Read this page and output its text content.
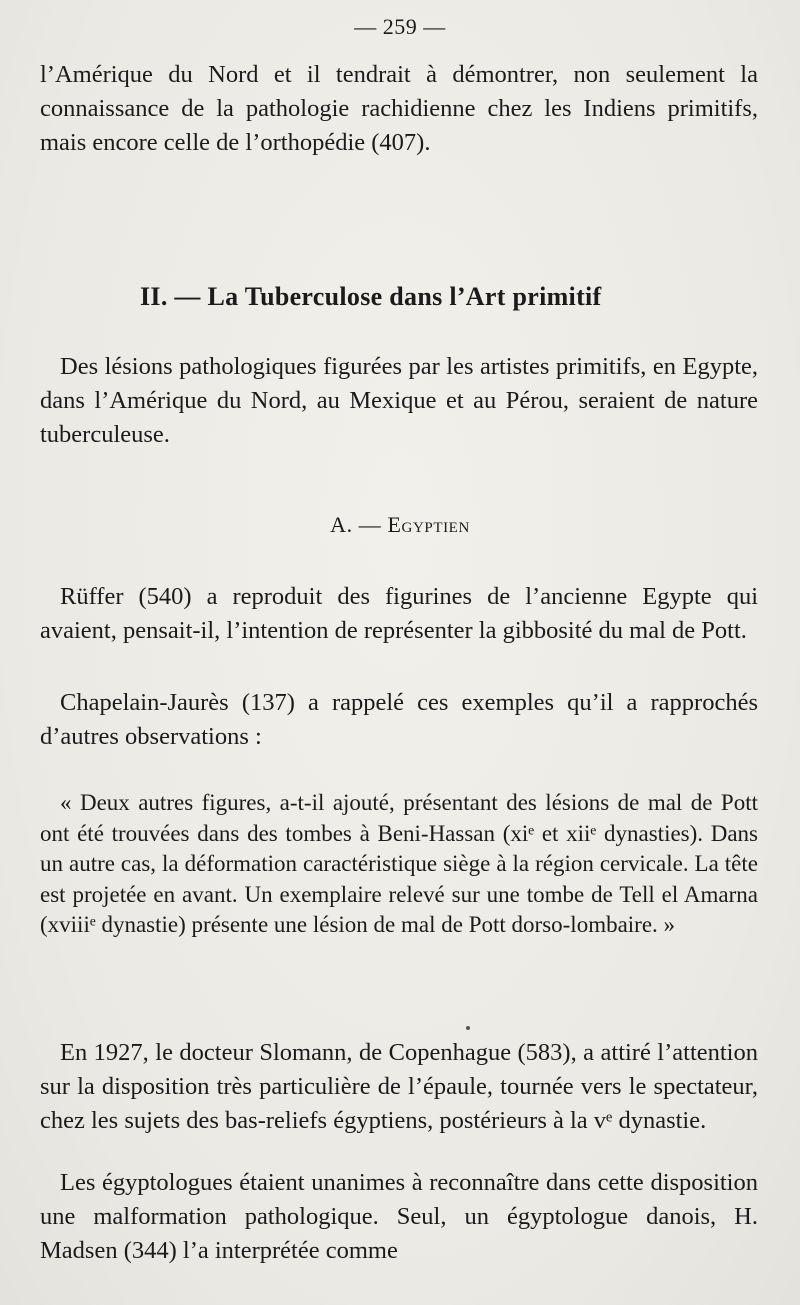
— 259 —
l’Amérique du Nord et il tendrait à démontrer, non seulement la connaissance de la pathologie rachidienne chez les Indiens primitifs, mais encore celle de l’orthopédie (407).
II. — La Tuberculose dans l’Art primitif
Des lésions pathologiques figurées par les artistes primitifs, en Egypte, dans l’Amérique du Nord, au Mexique et au Pérou, seraient de nature tuberculeuse.
A. — Egyptien
Rüffer (540) a reproduit des figurines de l’ancienne Egypte qui avaient, pensait-il, l’intention de représenter la gibbosité du mal de Pott.
Chapelain-Jaurès (137) a rappelé ces exemples qu’il a rapprochés d’autres observations :
« Deux autres figures, a-t-il ajouté, présentant des lésions de mal de Pott ont été trouvées dans des tombes à Beni-Hassan (xiᵉ et xiiᵉ dynasties). Dans un autre cas, la déformation caractéristique siège à la région cervicale. La tête est projetée en avant. Un exemplaire relevé sur une tombe de Tell el Amarna (xviiiᵉ dynastie) présente une lésion de mal de Pott dorso-lombaire. »
En 1927, le docteur Slomann, de Copenhague (583), a attiré l’attention sur la disposition très particulière de l’épaule, tournée vers le spectateur, chez les sujets des bas-reliefs égyptiens, postérieurs à la vᵉ dynastie.
Les égyptologues étaient unanimes à reconnaître dans cette disposition une malformation pathologique. Seul, un égyptologue danois, H. Madsen (344) l’a interprétée comme
